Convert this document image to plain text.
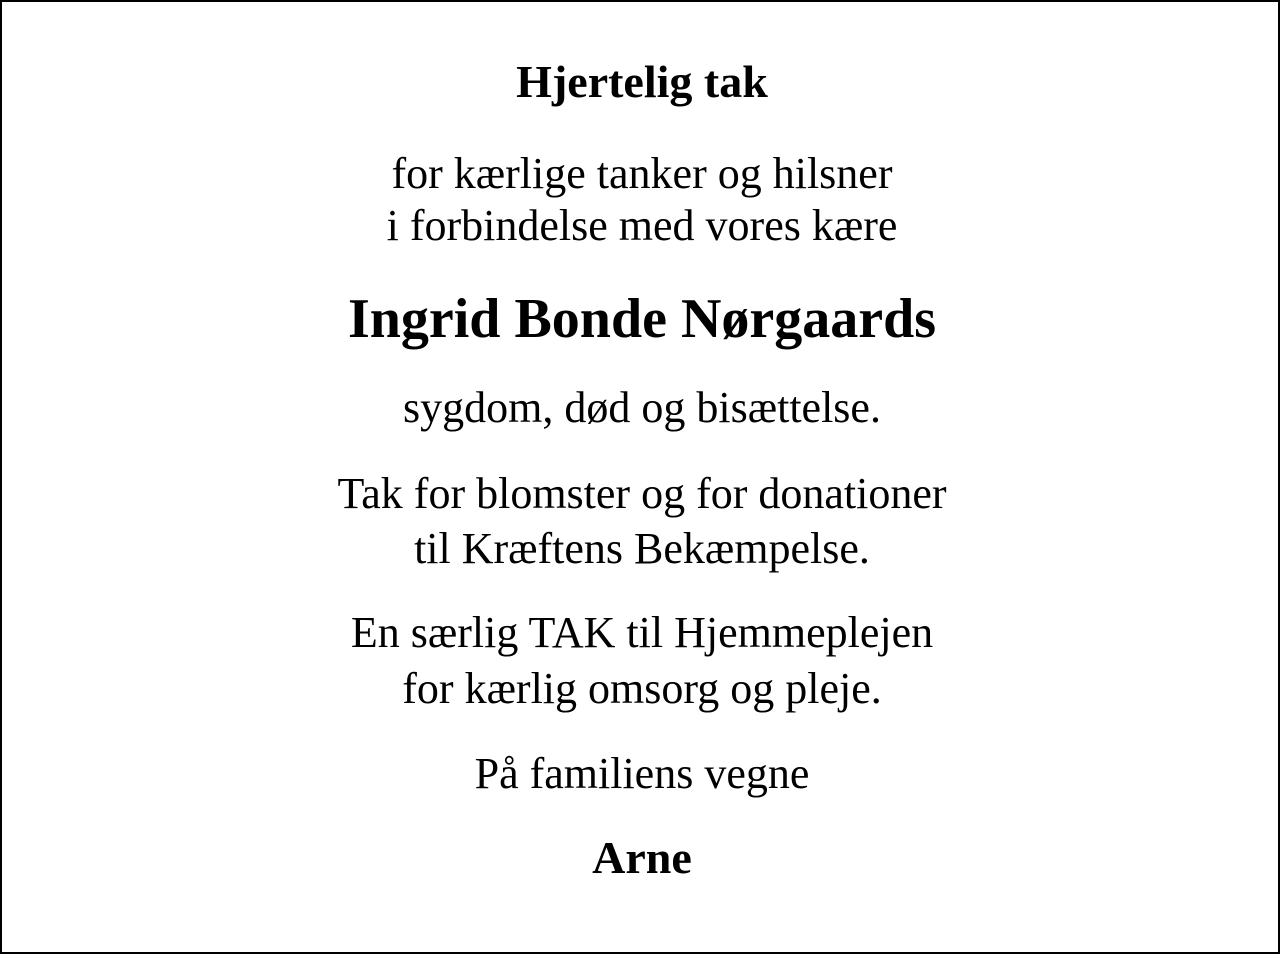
Hjertelig tak

for kærlige tanker og hilsner

i forbindelse med vores kære

Ingrid Bonde Nørgaards

sygdom, død og bisættelse.

Tak for blomster og for donationer

til Kræftens Bekæmpelse.

En særlig TAK til Hjemmeplejen

for kærlig omsorg og pleje.

På familiens vegne

Arne
